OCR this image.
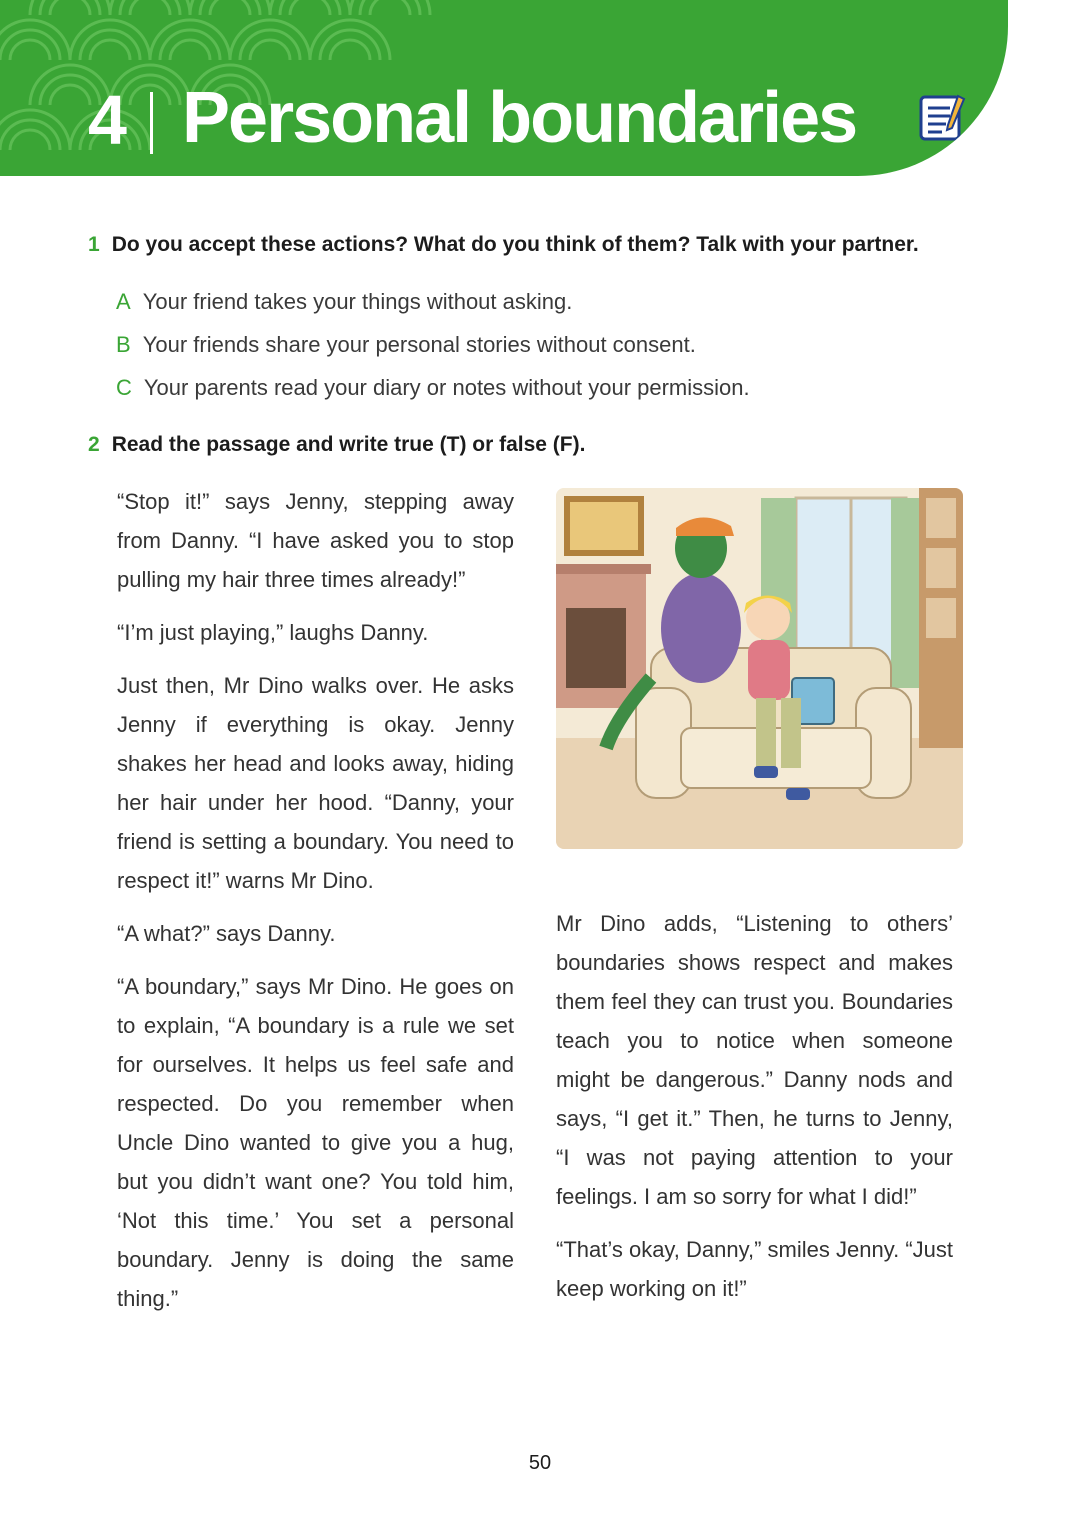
4 Personal boundaries
1 Do you accept these actions? What do you think of them? Talk with your partner.
A Your friend takes your things without asking.
B Your friends share your personal stories without consent.
C Your parents read your diary or notes without your permission.
2 Read the passage and write true (T) or false (F).

“Stop it!” says Jenny, stepping away from Danny. “I have asked you to stop pulling my hair three times already!”

“I’m just playing,” laughs Danny.

Just then, Mr Dino walks over. He asks Jenny if everything is okay. Jenny shakes her head and looks away, hiding her hair under her hood. “Danny, your friend is setting a boundary. You need to respect it!” warns Mr Dino.

“A what?” says Danny.

“A boundary,” says Mr Dino. He goes on to explain, “A boundary is a rule we set for ourselves. It helps us feel safe and respected. Do you remember when Uncle Dino wanted to give you a hug, but you didn’t want one? You told him, ‘Not this time.’ You set a personal boundary. Jenny is doing the same thing.”

Mr Dino adds, “Listening to others’ boundaries shows respect and makes them feel they can trust you. Boundaries teach you to notice when someone might be dangerous.” Danny nods and says, “I get it.” Then, he turns to Jenny, “I was not paying attention to your feelings. I am so sorry for what I did!”

“That’s okay, Danny,” smiles Jenny. “Just keep working on it!”

50
